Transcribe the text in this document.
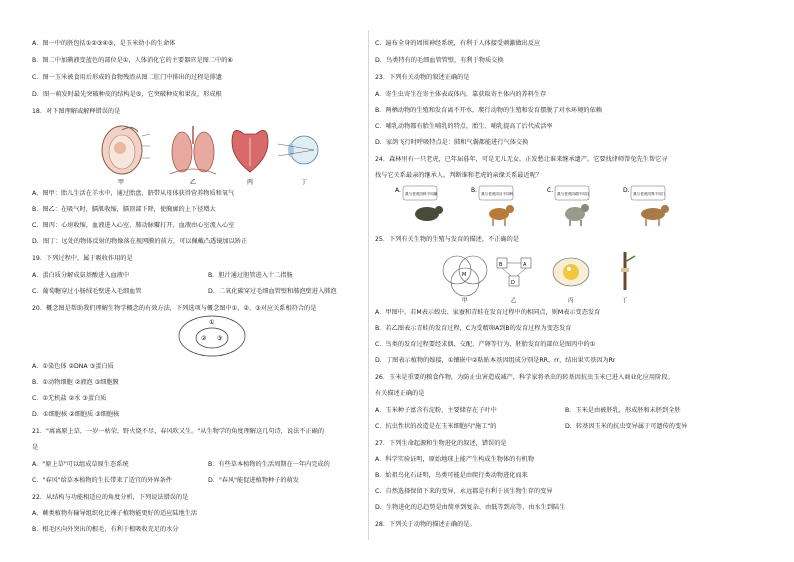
A．图一中的胚包括①②③④⑤，是玉米幼小的生命体
B．图二中加碘液变蓝色的部位是①，人体消化它的主要器官是图二中的⑥
C．图一玉米被食用后形成的食物残渣从图二肛门中排出的过程是排遗
D．图一萌发时最先突破种皮的结构是⑤，它突破种皮和果皮，形成根
18．对下图理解或解释错误的是
甲	乙	丙	丁
A．图甲：胎儿生活在羊水中，通过胎盘、脐带从母体获得营养物质和氧气
B．图乙：在吸气时，膈肌收缩，膈顶部下降，使胸廓的上下径增大
C．图丙：心房收缩，血液进入心室，肺动脉瓣打开，血液由心室流入心室
D．图丁：远处的物体反射的物像落在视网膜的前方，可以佩戴凸透镜加以矫正
19．下列过程中，属于吸收作用的是
A．蛋白质分解成氨基酸进入血液中	B．胆汁通过胆管进入十二指肠
C．葡萄糖穿过小肠绒毛壁进入毛细血管	D．二氧化碳穿过毛细血管壁和肺泡壁进入肺泡
20．概念图是帮助我们理解生物学概念的有效方法，下列选项与概念图中①、②、③对应关系相符合的是
② ③
①
A．①染色体 ②DNA ③蛋白质
B．①动物细胞 ②液泡 ③细胞膜
C．①无机盐 ②水 ③蛋白质
D．①细胞核 ②细胞质 ③细胞核
21．"离离原上草，一岁一枯荣，野火烧不尽，春风吹又生。"从生物学的角度理解这几句诗，说法不正确的
是
A．"原上草"可以组成草原生态系统	B．有些草本植物的生活周期在一年内完成的
C．"春风"给草本植物的生长带来了适宜的外界条件	D．"春风"能促进植物种子的萌发
22．从结构与功能相适应的角度分析，下列说法错误的是
A．蕨类植物有输导组织化比裸子植物能更好的适应陆地生活
B．根毛区向外突出的根毛，有利于根吸收充足的水分
C．遍布全身的周围神经系统，有利于人体接受刺激做出反应
D．鸟类特有的毛细血管管壁，有利于物质交换
23．下列有关动物的叙述正确的是
A．寄生虫寄生在寄主体表或体内，靠获取寄主体内的养料生存
B．两栖动物的生殖和发育离不开水，爬行动物的生殖和发育摆脱了对水环境的依赖
C．哺乳动物都有胎生哺乳的特点，胎生、哺乳提高了后代成活率
D．家鸽飞行时呼吸特点是：肺和气囊都能进行气体交换
24．森林里有一只老虎，已年届暮年，可是无儿无女，正发愁让谁来继承遗产。它要找律师帮兔先生帮它寻
找与它关系最亲的继承人。判断谁和老虎的亲缘关系最近呢？
A. 我与老虎同科不同属	B. 我与老虎同目不同科	C. 我与老虎同纲不同目	D. 我与老虎同界不同门
25．下列有关生物的生殖与发育的描述，不正确的是
M
甲
B	A
D
乙	丙	丁
A．甲图中，若M表示蝗虫、家蚕和青蛙在发育过程中的相同点，则M表示变态发育
B．若乙图表示青蛙的发育过程，C为受精卵A到B的发育过程为变态发育
C．鸟类的发育过程要经求偶、交配、产卵等行为，胚胎发育的部位是图丙中的①
D．丁图表示植物的嫁接，①镶嵌中②粘贴本基因组成分别是RR，rr，结出果实基因为Rr
26．玉米是重要的粮食作物，为防止虫害造成减产，科学家将杀虫的转基因抗虫玉米已进入商业化应用阶段。
有关描述正确的是
A．玉米种子富含有淀粉，主要储存在子叶中	B．玉米是由被胚乳，形成胚和未胚到全胚
C．抗虫性状的改造是在玉米细胞内"施工"的	D．转基因玉米的抗虫变异属于可遗传的变异
27．下列生命起源和生物进化的叙述，错误的是
A．科学实验证明，原始地球上能产生构成生物体的有机物
B．始祖鸟化石证明，鸟类可能是由爬行类动物进化而来
C．自然选择保留下来的变异，永远都是有利于该生物生存的变异
D．生物进化的总趋势是由简单到复杂、由低等到高等、由水生到陆生
28．下列关于动物的描述正确的是。
